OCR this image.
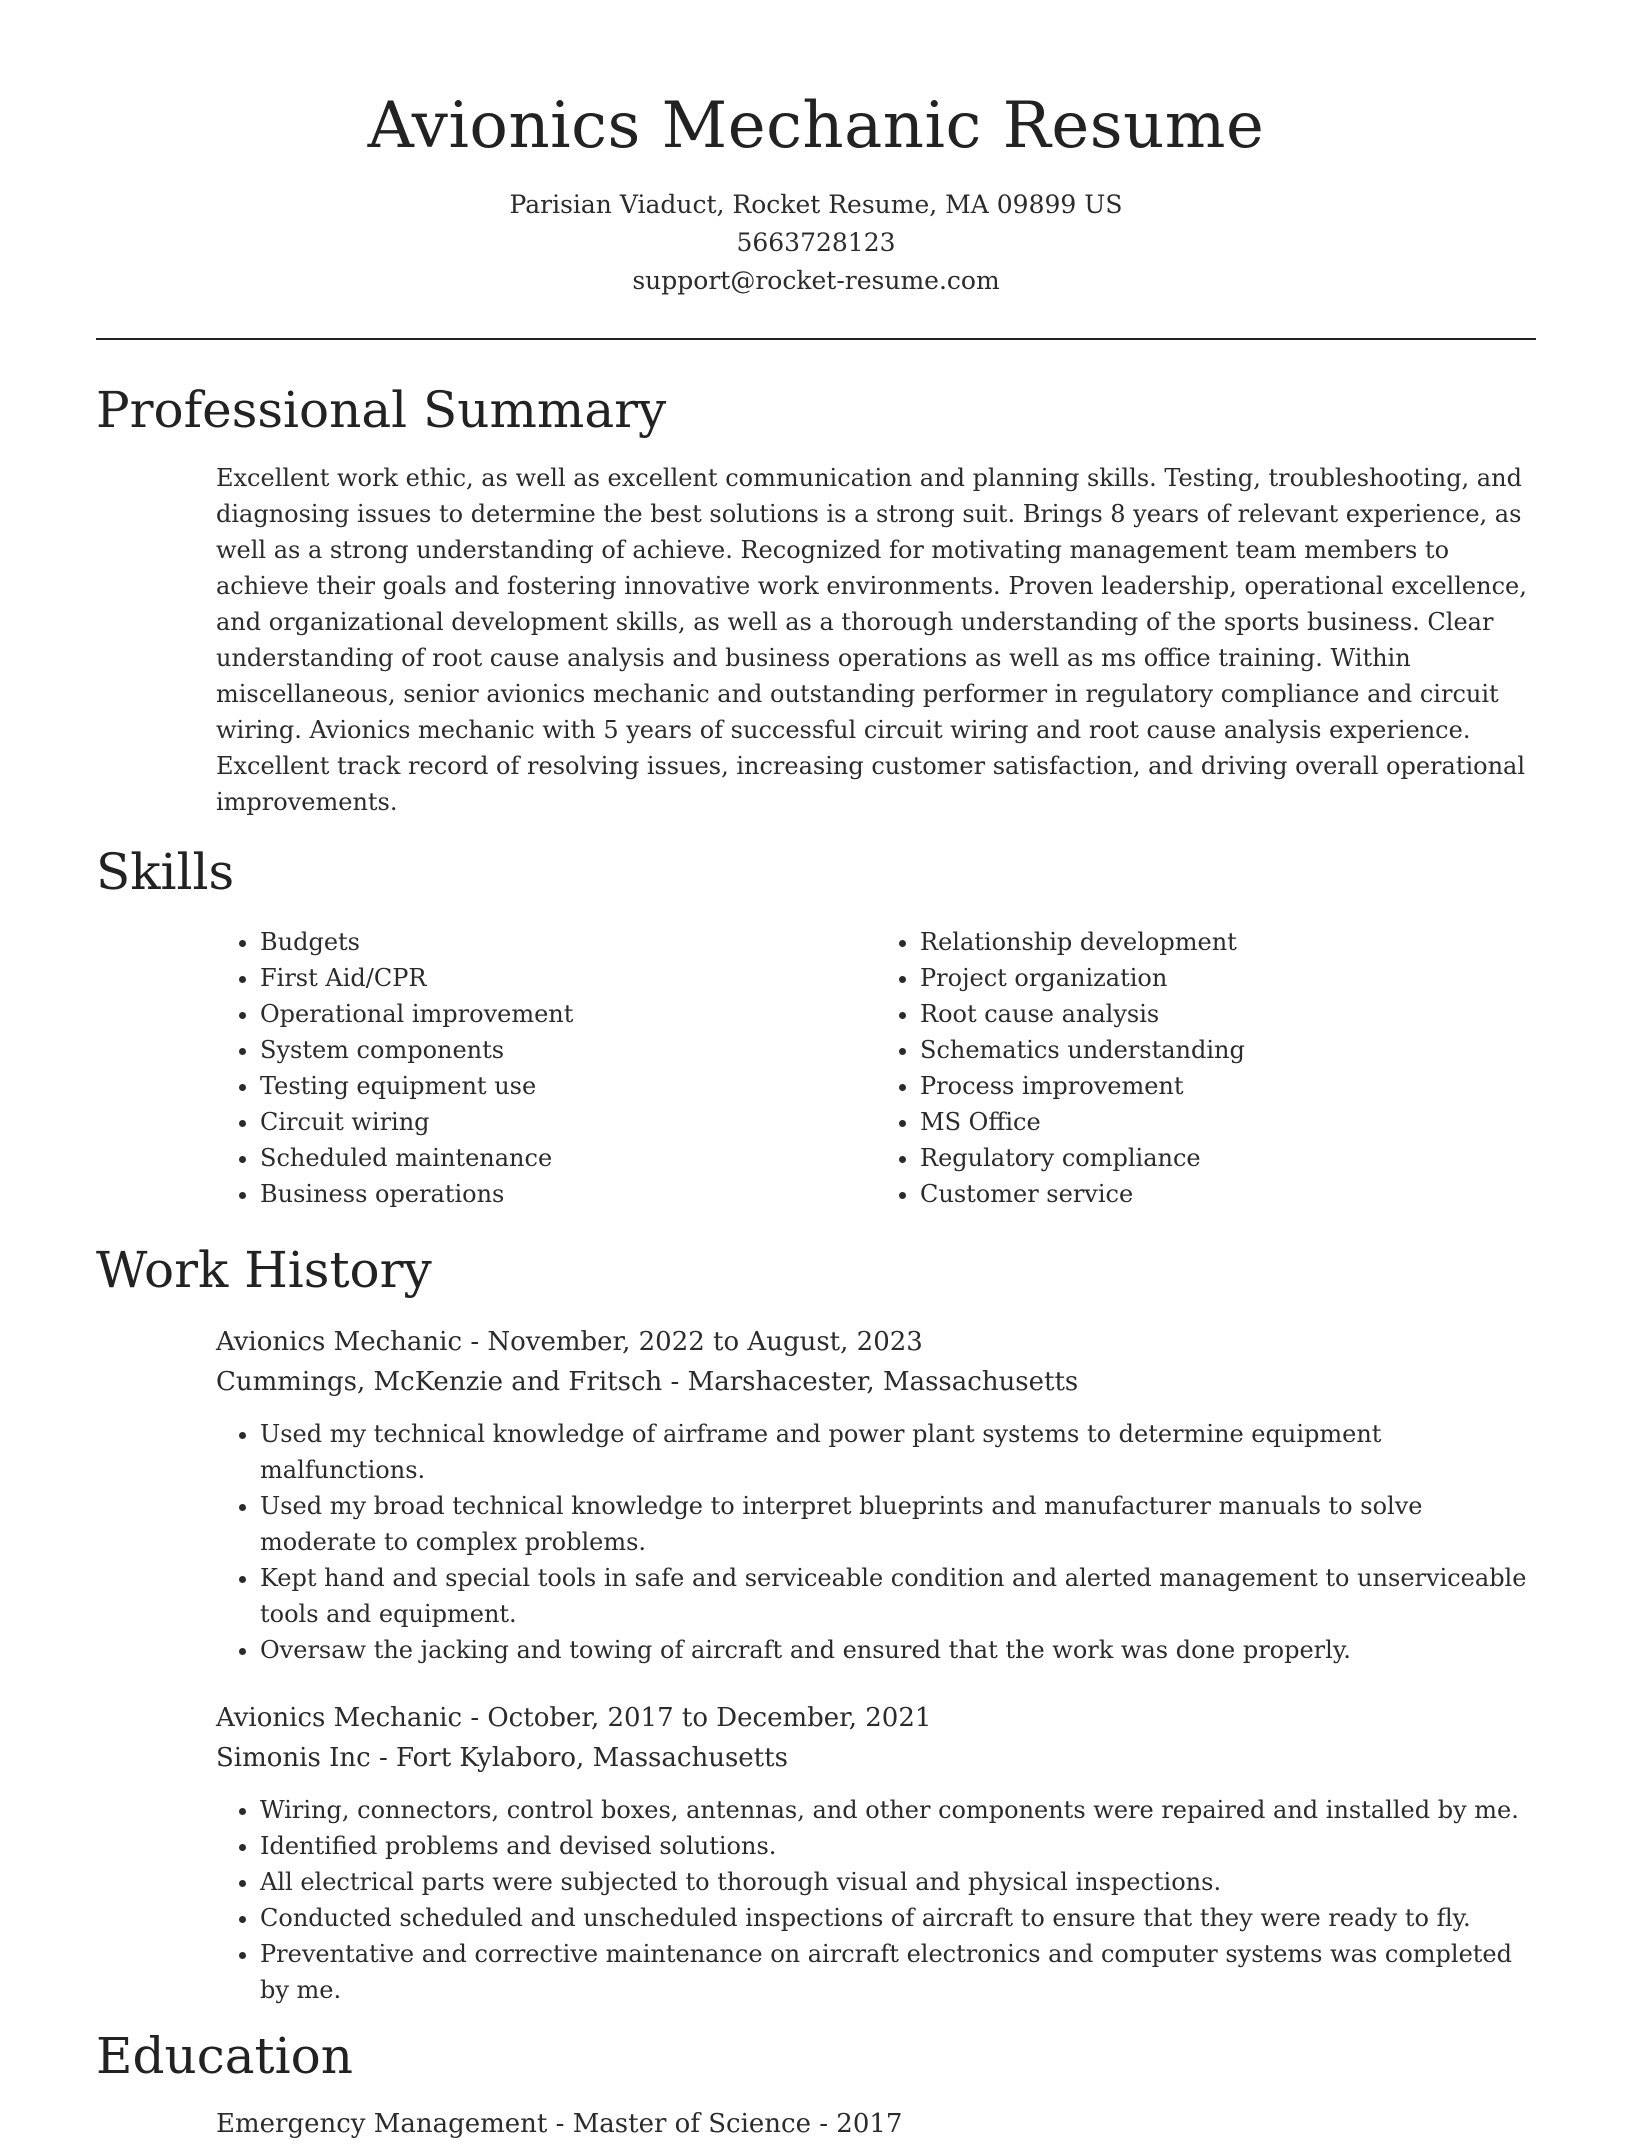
Avionics Mechanic Resume
Parisian Viaduct, Rocket Resume, MA 09899 US
5663728123
support@rocket-resume.com
Professional Summary

Excellent work ethic, as well as excellent communication and planning skills. Testing, troubleshooting, and diagnosing issues to determine the best solutions is a strong suit. Brings 8 years of relevant experience, as well as a strong understanding of achieve. Recognized for motivating management team members to achieve their goals and fostering innovative work environments. Proven leadership, operational excellence, and organizational development skills, as well as a thorough understanding of the sports business. Clear understanding of root cause analysis and business operations as well as ms office training. Within miscellaneous, senior avionics mechanic and outstanding performer in regulatory compliance and circuit wiring. Avionics mechanic with 5 years of successful circuit wiring and root cause analysis experience. Excellent track record of resolving issues, increasing customer satisfaction, and driving overall operational improvements.

Skills
• Budgets
• First Aid/CPR
• Operational improvement
• System components
• Testing equipment use
• Circuit wiring
• Scheduled maintenance
• Business operations
• Relationship development
• Project organization
• Root cause analysis
• Schematics understanding
• Process improvement
• MS Office
• Regulatory compliance
• Customer service
Work History
Avionics Mechanic - November, 2022 to August, 2023
Cummings, McKenzie and Fritsch - Marshacester, Massachusetts
• Used my technical knowledge of airframe and power plant systems to determine equipment malfunctions.
• Used my broad technical knowledge to interpret blueprints and manufacturer manuals to solve moderate to complex problems.
• Kept hand and special tools in safe and serviceable condition and alerted management to unserviceable tools and equipment.
• Oversaw the jacking and towing of aircraft and ensured that the work was done properly.
Avionics Mechanic - October, 2017 to December, 2021
Simonis Inc - Fort Kylaboro, Massachusetts
• Wiring, connectors, control boxes, antennas, and other components were repaired and installed by me.
• Identified problems and devised solutions.
• All electrical parts were subjected to thorough visual and physical inspections.
• Conducted scheduled and unscheduled inspections of aircraft to ensure that they were ready to fly.
• Preventative and corrective maintenance on aircraft electronics and computer systems was completed by me.
Education
Emergency Management - Master of Science - 2017
